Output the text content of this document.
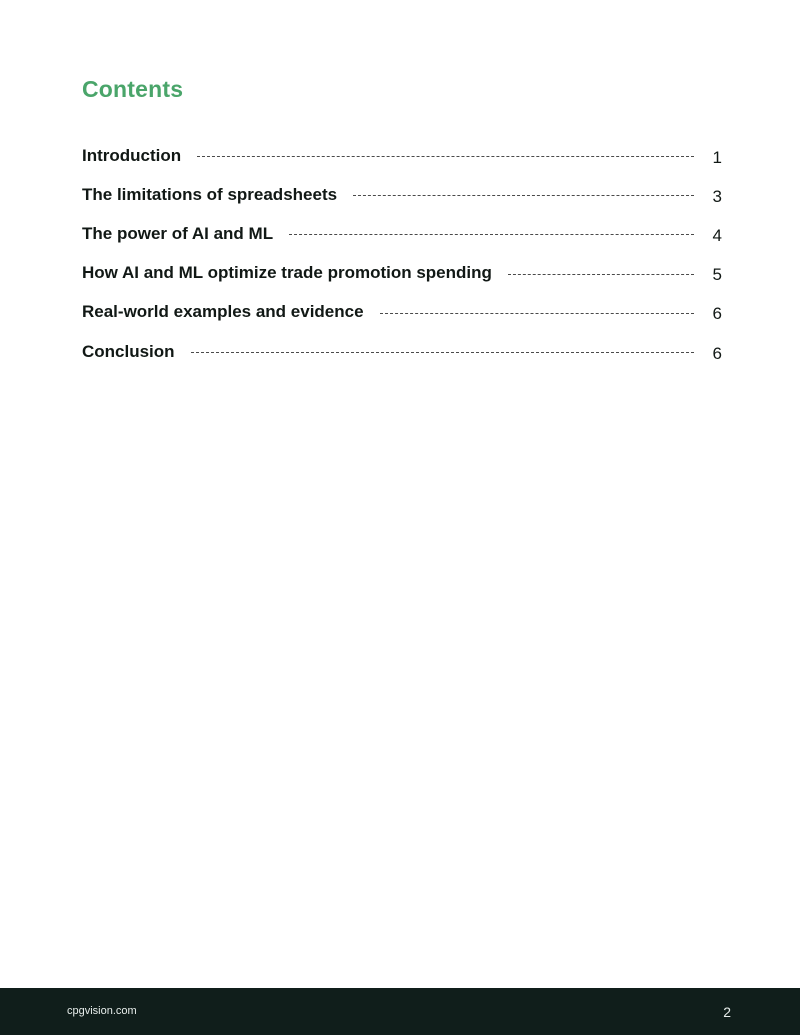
Contents
Introduction	1
The limitations of spreadsheets	3
The power of AI and ML	4
How AI and ML optimize trade promotion spending	5
Real-world examples and evidence	6
Conclusion	6
cpgvision.com	2
